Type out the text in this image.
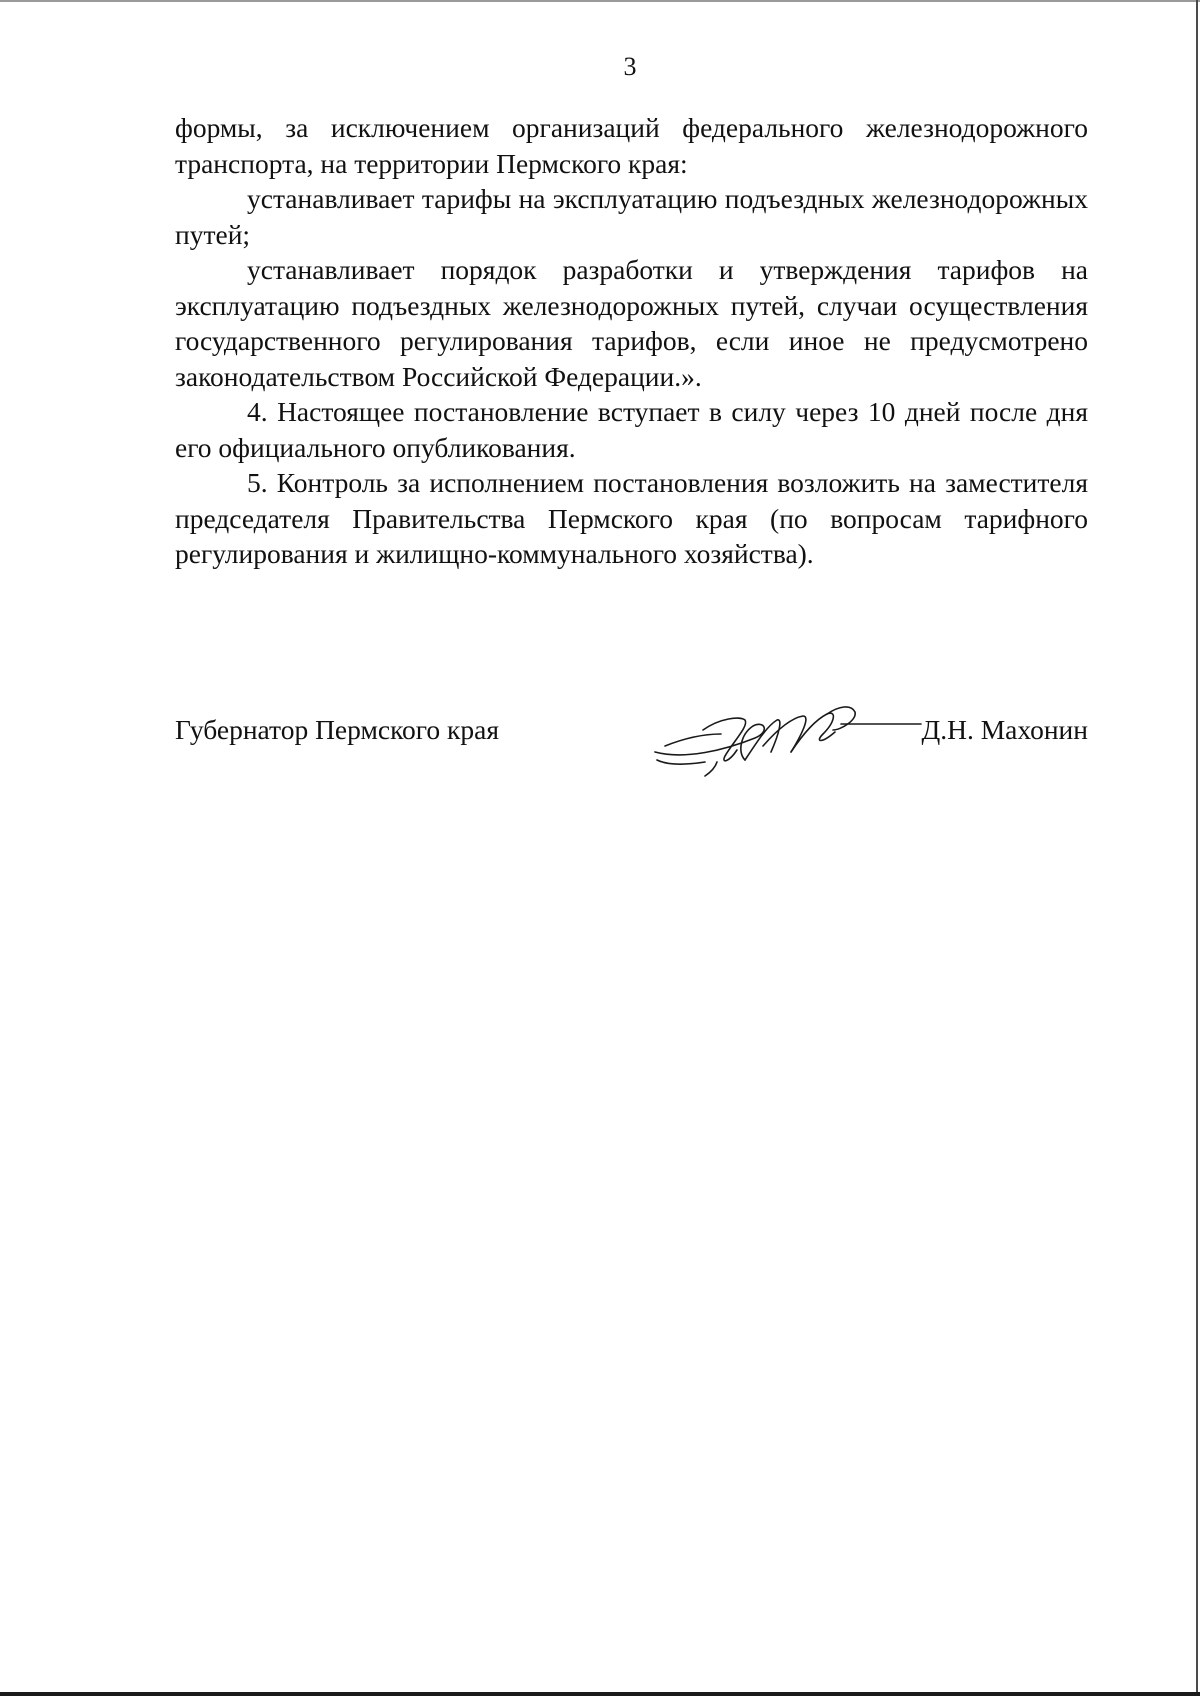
3

формы, за исключением организаций федерального железнодорожного транспорта, на территории Пермского края:

устанавливает тарифы на эксплуатацию подъездных железнодорожных путей;

устанавливает порядок разработки и утверждения тарифов на эксплуатацию подъездных железнодорожных путей, случаи осуществления государственного регулирования тарифов, если иное не предусмотрено законодательством Российской Федерации.».

4. Настоящее постановление вступает в силу через 10 дней после дня его официального опубликования.

5. Контроль за исполнением постановления возложить на заместителя председателя Правительства Пермского края (по вопросам тарифного регулирования и жилищно-коммунального хозяйства).

Губернатор Пермского края	Д.Н. Махонин
